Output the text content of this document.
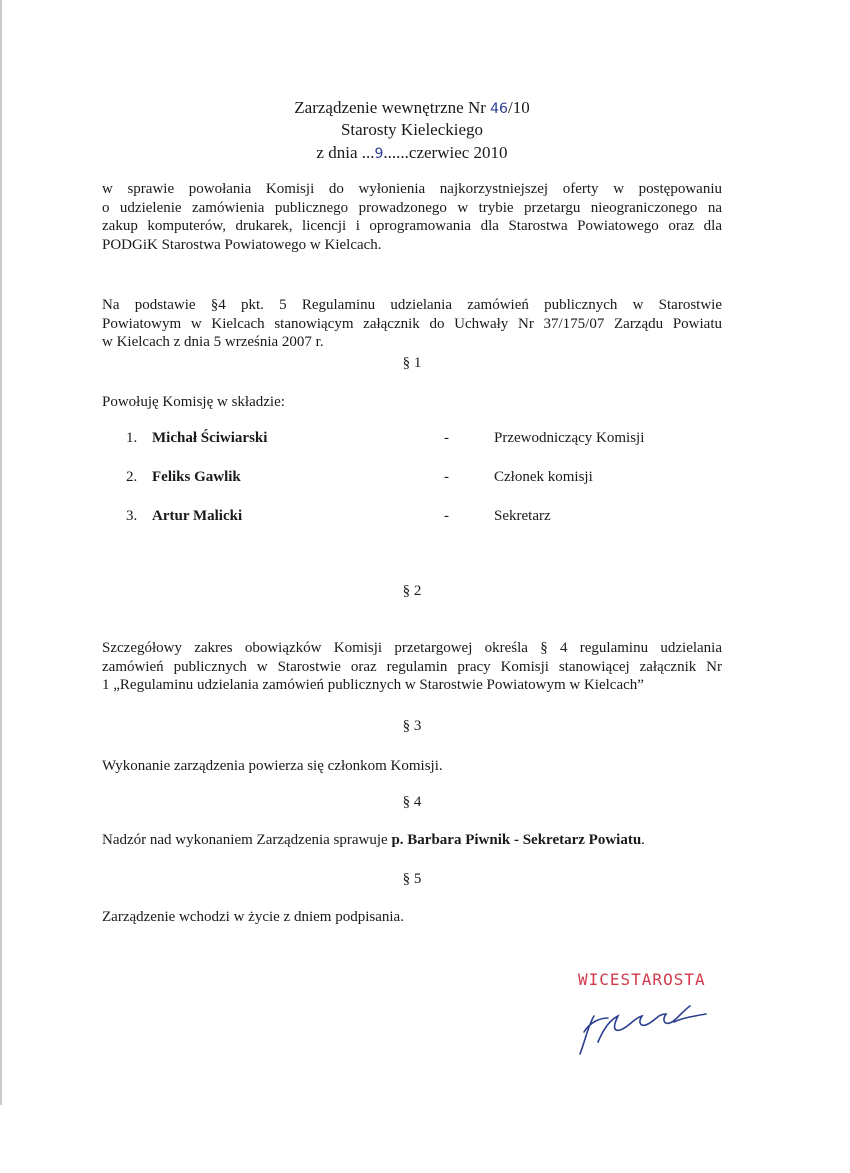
Zarządzenie wewnętrzne Nr 46/10
Starosty Kieleckiego
z dnia ...9......czerwiec 2010
w sprawie powołania Komisji do wyłonienia najkorzystniejszej oferty w postępowaniu
o udzielenie zamówienia publicznego prowadzonego w trybie przetargu nieograniczonego na
zakup komputerów, drukarek, licencji i oprogramowania dla Starostwa Powiatowego oraz dla
PODGiK Starostwa Powiatowego w Kielcach.
Na podstawie §4 pkt. 5 Regulaminu udzielania zamówień publicznych w Starostwie
Powiatowym w Kielcach stanowiącym załącznik do Uchwały Nr 37/175/07 Zarządu Powiatu
w Kielcach z dnia 5 września 2007 r.
§ 1
Powołuję Komisję w składzie:
1. Michał Ściwiarski	-	Przewodniczący Komisji
2. Feliks Gawlik	-	Członek komisji
3. Artur Malicki	-	Sekretarz
§ 2
Szczegółowy zakres obowiązków Komisji przetargowej określa § 4 regulaminu udzielania
zamówień publicznych w Starostwie oraz regulamin pracy Komisji stanowiącej załącznik Nr
1 „Regulaminu udzielania zamówień publicznych w Starostwie Powiatowym w Kielcach”
§ 3
Wykonanie zarządzenia powierza się członkom Komisji.
§ 4
Nadzór nad wykonaniem Zarządzenia sprawuje p. Barbara Piwnik - Sekretarz Powiatu.
§ 5
Zarządzenie wchodzi w życie z dniem podpisania.
WICESTAROSTA
